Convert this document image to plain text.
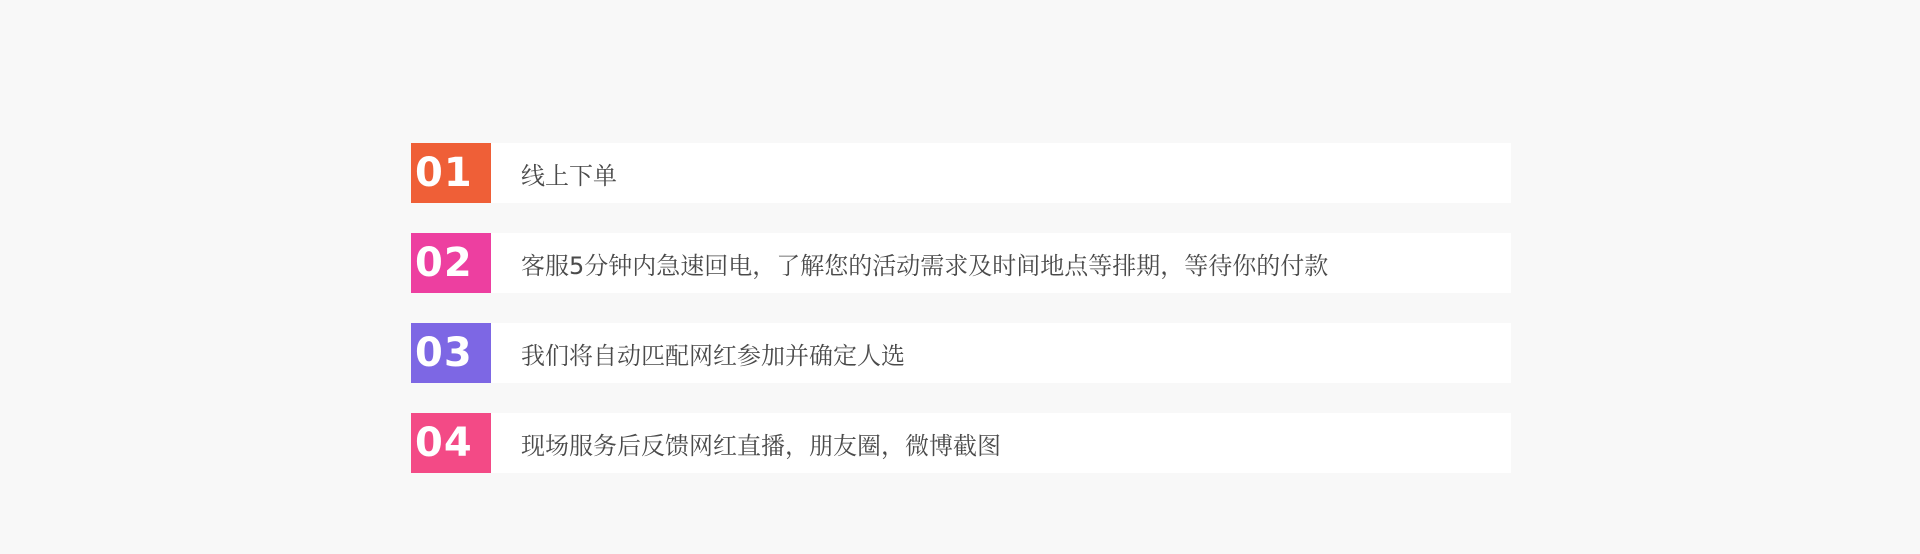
01	线上下单
02	客服5分钟内急速回电，了解您的活动需求及时间地点等排期，等待你的付款
03	我们将自动匹配网红参加并确定人选
04	现场服务后反馈网红直播，朋友圈，微博截图
